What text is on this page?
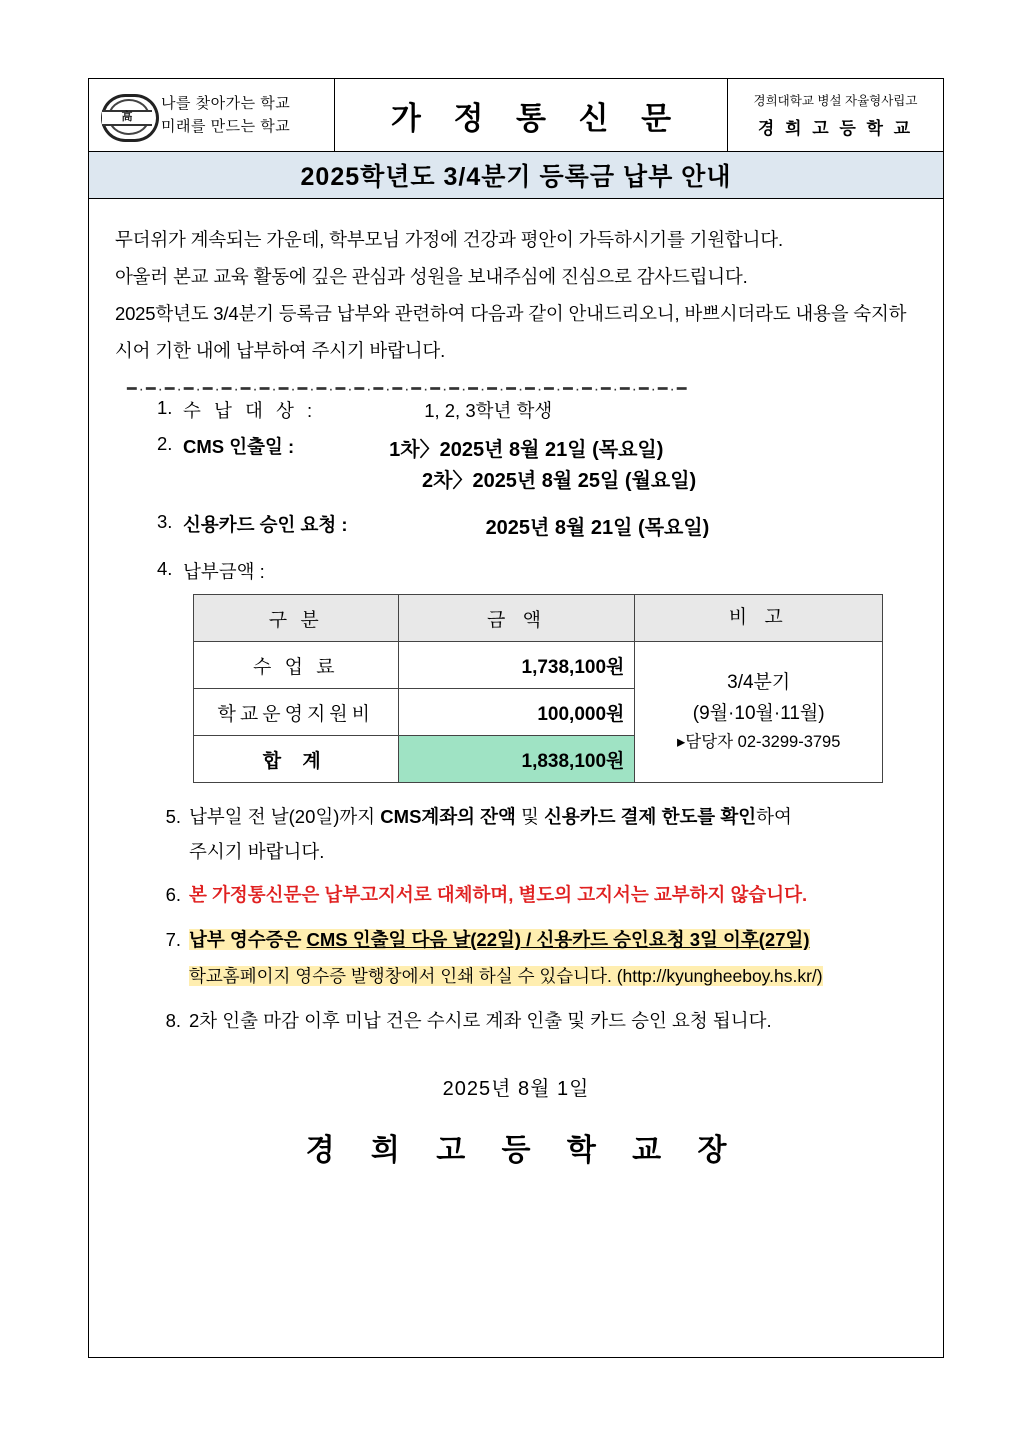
高
나를 찾아가는 학교
미래를 만드는 학교	가 정 통 신 문	경희대학교 병설 자율형사립고
경 희 고 등 학 교
2025학년도 3/4분기 등록금 납부 안내
무더위가 계속되는 가운데, 학부모님 가정에 건강과 평안이 가득하시기를 기원합니다.
아울러 본교 교육 활동에 깊은 관심과 성원을 보내주심에 진심으로 감사드립니다.
2025학년도 3/4분기 등록금 납부와 관련하여 다음과 같이 안내드리오니, 바쁘시더라도 내용을 숙지하시어 기한 내에 납부하여 주시기 바랍니다.
━·━·━·━·━·━·━·━·━·━·━·━·━·━·━·━·━·━·━·━·━·━·━·━·━·━·━·━·━·━
1. 수 납 대 상 :	1, 2, 3학년 학생
2. CMS 인출일 :	1차〉2025년 8월 21일 (목요일)
2차〉2025년 8월 25일 (월요일)
3. 신용카드 승인 요청 :	2025년 8월 21일 (목요일)
4. 납부금액 :
구 분	금 액	비 고
수 업 료	1,738,100원	3/4분기
(9월·10월·11월)
▸담당자 02-3299-3795

학교운영지원비	100,000원	
합 계	1,838,100원	
5. 납부일 전 날(20일)까지 CMS계좌의 잔액 및 신용카드 결제 한도를 확인하여
주시기 바랍니다.
6. 본 가정통신문은 납부고지서로 대체하며, 별도의 고지서는 교부하지 않습니다.
7. 납부 영수증은 CMS 인출일 다음 날(22일) / 신용카드 승인요청 3일 이후(27일)
학교홈페이지 영수증 발행창에서 인쇄 하실 수 있습니다. (http://kyungheeboy.hs.kr/)
8. 2차 인출 마감 이후 미납 건은 수시로 계좌 인출 및 카드 승인 요청 됩니다.
2025년 8월 1일
경 희 고 등 학 교 장
